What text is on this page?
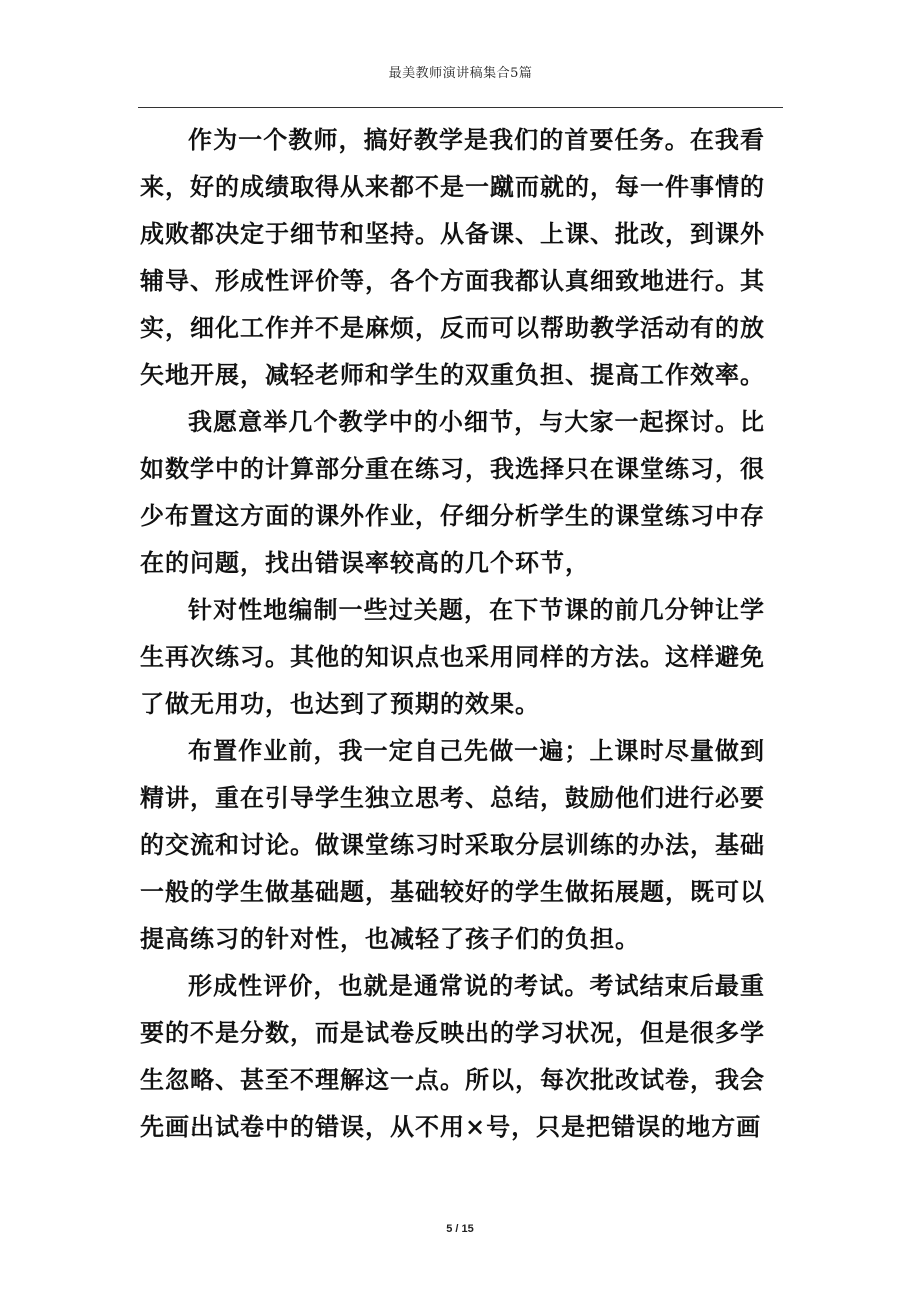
最美教师演讲稿集合5篇

作为一个教师，搞好教学是我们的首要任务。在我看来，好的成绩取得从来都不是一蹴而就的，每一件事情的成败都决定于细节和坚持。从备课、上课、批改，到课外辅导、形成性评价等，各个方面我都认真细致地进行。其实，细化工作并不是麻烦，反而可以帮助教学活动有的放矢地开展，减轻老师和学生的双重负担、提高工作效率。

我愿意举几个教学中的小细节，与大家一起探讨。比如数学中的计算部分重在练习，我选择只在课堂练习，很少布置这方面的课外作业，仔细分析学生的课堂练习中存在的问题，找出错误率较高的几个环节，

针对性地编制一些过关题，在下节课的前几分钟让学生再次练习。其他的知识点也采用同样的方法。这样避免了做无用功，也达到了预期的效果。

布置作业前，我一定自己先做一遍；上课时尽量做到精讲，重在引导学生独立思考、总结，鼓励他们进行必要的交流和讨论。做课堂练习时采取分层训练的办法，基础一般的学生做基础题，基础较好的学生做拓展题，既可以提高练习的针对性，也减轻了孩子们的负担。

形成性评价，也就是通常说的考试。考试结束后最重要的不是分数，而是试卷反映出的学习状况，但是很多学生忽略、甚至不理解这一点。所以，每次批改试卷，我会先画出试卷中的错误，从不用×号，只是把错误的地方画

5 / 15
